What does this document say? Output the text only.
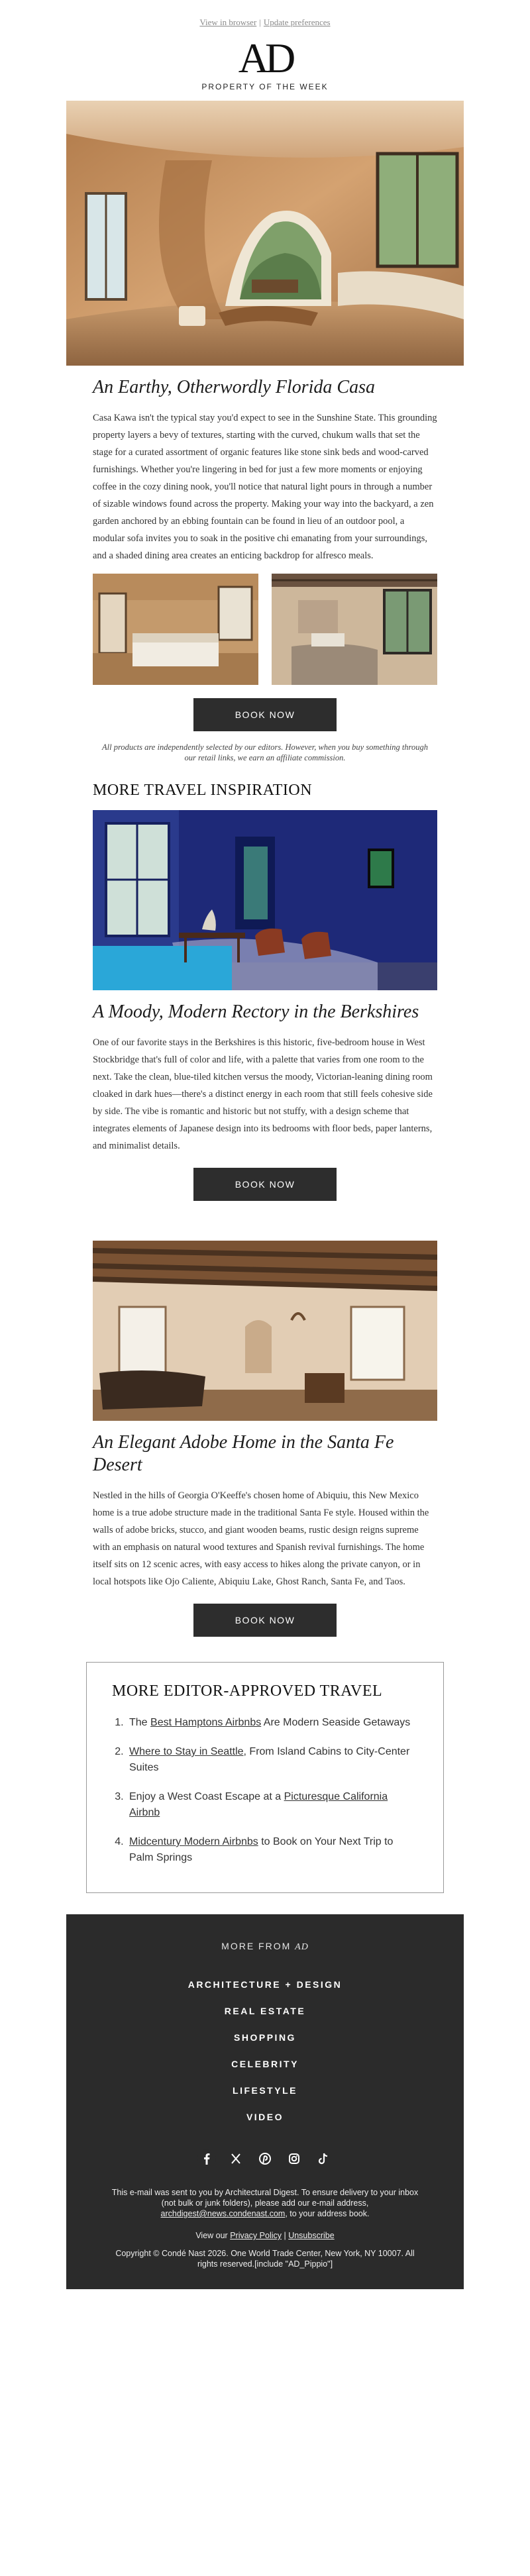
View in browser | Update preferences
AD
PROPERTY OF THE WEEK
An Earthy, Otherwordly Florida Casa

Casa Kawa isn't the typical stay you'd expect to see in the Sunshine State. This grounding property layers a bevy of textures, starting with the curved, chukum walls that set the stage for a curated assortment of organic features like stone sink beds and wood-carved furnishings. Whether you're lingering in bed for just a few more moments or enjoying coffee in the cozy dining nook, you'll notice that natural light pours in through a number of sizable windows found across the property. Making your way into the backyard, a zen garden anchored by an ebbing fountain can be found in lieu of an outdoor pool, a modular sofa invites you to soak in the positive chi emanating from your surroundings, and a shaded dining area creates an enticing backdrop for alfresco meals.

BOOK NOW

All products are independently selected by our editors. However, when you buy something through our retail links, we earn an affiliate commission.

MORE TRAVEL INSPIRATION
A Moody, Modern Rectory in the Berkshires

One of our favorite stays in the Berkshires is this historic, five-bedroom house in West Stockbridge that's full of color and life, with a palette that varies from one room to the next. Take the clean, blue-tiled kitchen versus the moody, Victorian-leaning dining room cloaked in dark hues—there's a distinct energy in each room that still feels cohesive side by side. The vibe is romantic and historic but not stuffy, with a design scheme that integrates elements of Japanese design into its bedrooms with floor beds, paper lanterns, and minimalist details.

BOOK NOW
An Elegant Adobe Home in the Santa Fe Desert

Nestled in the hills of Georgia O'Keeffe's chosen home of Abiquiu, this New Mexico home is a true adobe structure made in the traditional Santa Fe style. Housed within the walls of adobe bricks, stucco, and giant wooden beams, rustic design reigns supreme with an emphasis on natural wood textures and Spanish revival furnishings. The home itself sits on 12 scenic acres, with easy access to hikes along the private canyon, or in local hotspots like Ojo Caliente, Abiquiu Lake, Ghost Ranch, Santa Fe, and Taos.

BOOK NOW
MORE EDITOR-APPROVED TRAVEL
1. The Best Hamptons Airbnbs Are Modern Seaside Getaways
2. Where to Stay in Seattle, From Island Cabins to City-Center Suites
3. Enjoy a West Coast Escape at a Picturesque California Airbnb
4. Midcentury Modern Airbnbs to Book on Your Next Trip to Palm Springs
MORE FROM AD
ARCHITECTURE + DESIGN
REAL ESTATE
SHOPPING
CELEBRITY
LIFESTYLE
VIDEO

This e-mail was sent to you by Architectural Digest. To ensure delivery to your inbox (not bulk or junk folders), please add our e-mail address, archdigest@news.condenast.com, to your address book.

View our Privacy Policy | Unsubscribe

Copyright © Condé Nast 2026. One World Trade Center, New York, NY 10007. All rights reserved.[include "AD_Pippio"]
